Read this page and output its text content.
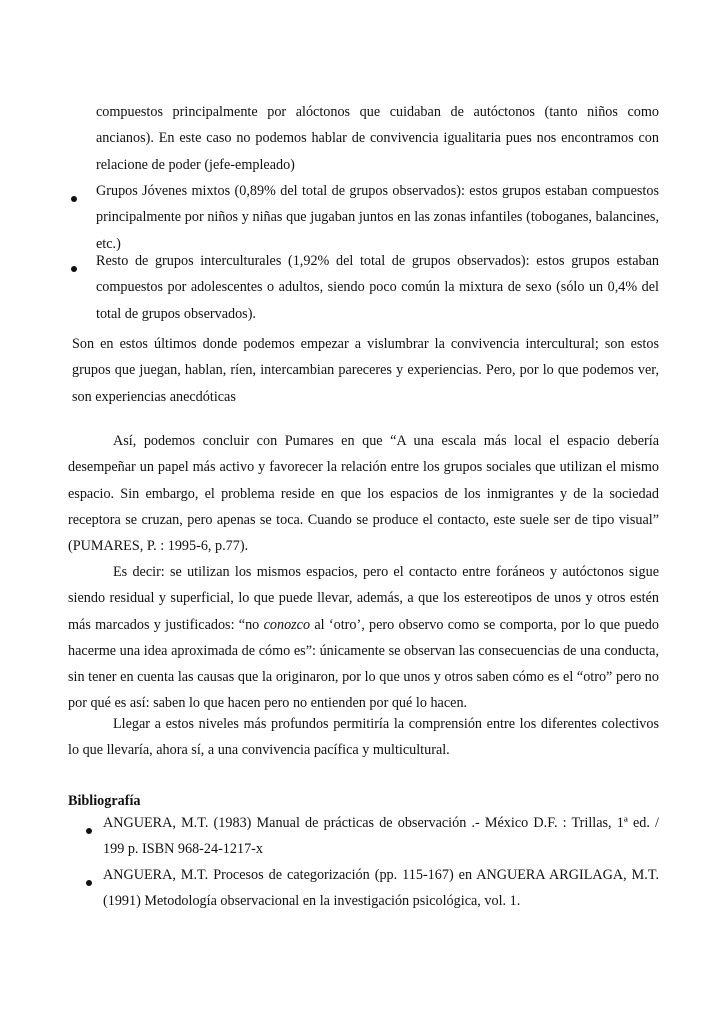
compuestos principalmente por alóctonos que cuidaban de autóctonos (tanto niños como ancianos). En este caso no podemos hablar de convivencia igualitaria pues nos encontramos con relacione de poder (jefe-empleado)

Grupos Jóvenes mixtos (0,89% del total de grupos observados): estos grupos estaban compuestos principalmente por niños y niñas que jugaban juntos en las zonas infantiles (toboganes, balancines, etc.)

Resto de grupos interculturales (1,92% del total de grupos observados): estos grupos estaban compuestos por adolescentes o adultos, siendo poco común la mixtura de sexo (sólo un 0,4% del total de grupos observados).

Son en estos últimos donde podemos empezar a vislumbrar la convivencia intercultural; son estos grupos que juegan, hablan, ríen, intercambian pareceres y experiencias. Pero, por lo que podemos ver, son experiencias anecdóticas

Así, podemos concluir con Pumares en que “A una escala más local el espacio debería desempeñar un papel más activo y favorecer la relación entre los grupos sociales que utilizan el mismo espacio. Sin embargo, el problema reside en que los espacios de los inmigrantes y de la sociedad receptora se cruzan, pero apenas se toca. Cuando se produce el contacto, este suele ser de tipo visual” (PUMARES, P. : 1995-6, p.77).

Es decir: se utilizan los mismos espacios, pero el contacto entre foráneos y autóctonos sigue siendo residual y superficial, lo que puede llevar, además, a que los estereotipos de unos y otros estén más marcados y justificados: “no conozco al ‘otro’, pero observo como se comporta, por lo que puedo hacerme una idea aproximada de cómo es”: únicamente se observan las consecuencias de una conducta, sin tener en cuenta las causas que la originaron, por lo que unos y otros saben cómo es el “otro” pero no por qué es así: saben lo que hacen pero no entienden por qué lo hacen.

Llegar a estos niveles más profundos permitiría la comprensión entre los diferentes colectivos lo que llevaría, ahora sí, a una convivencia pacífica y multicultural.

Bibliografía

ANGUERA, M.T. (1983) Manual de prácticas de observación .- México D.F. : Trillas, 1ª ed. / 199 p. ISBN 968-24-1217-x

ANGUERA, M.T. Procesos de categorización (pp. 115-167) en ANGUERA ARGILAGA, M.T. (1991) Metodología observacional en la investigación psicológica, vol. 1.
